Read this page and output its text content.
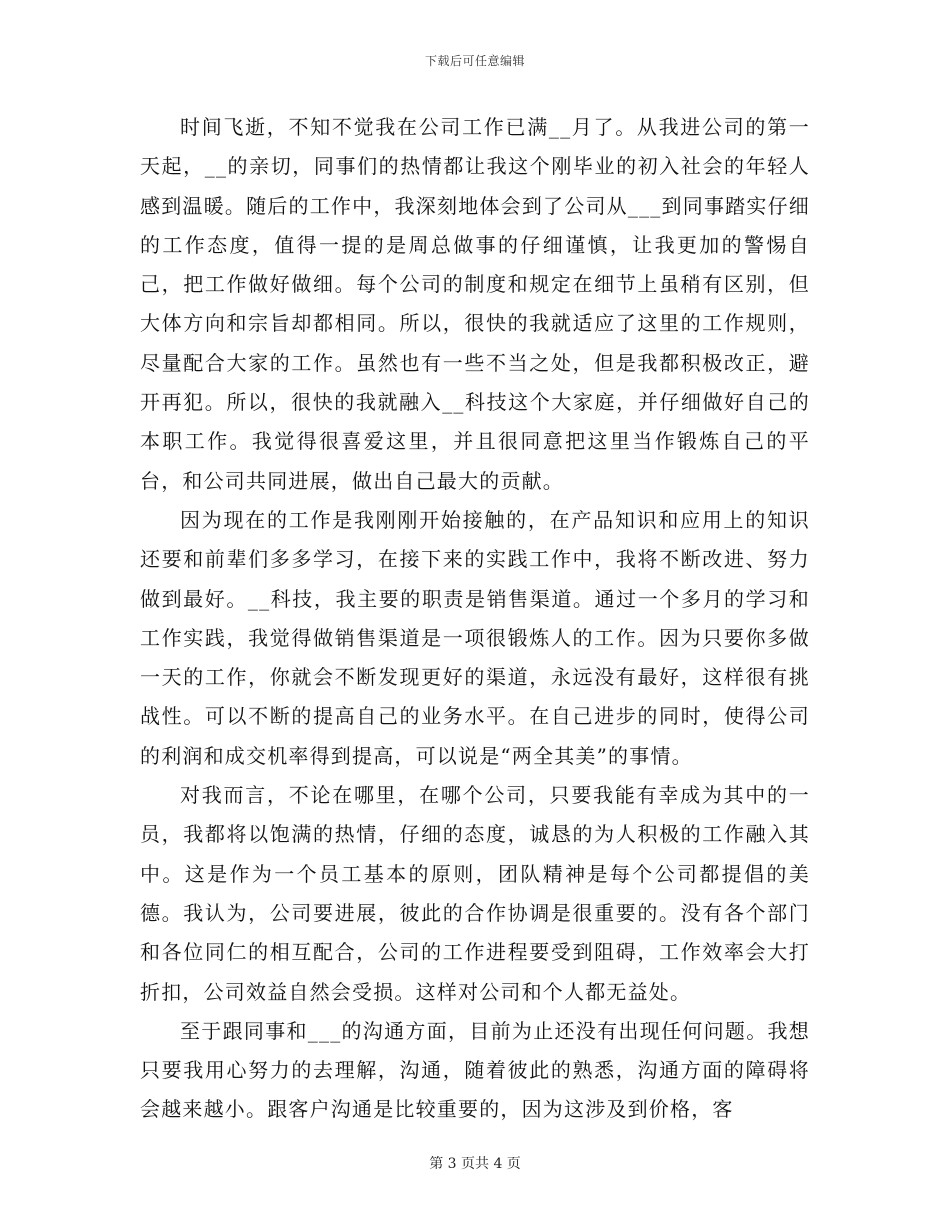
下载后可任意编辑

时间飞逝，不知不觉我在公司工作已满__月了。从我进公司的第一天起，__的亲切，同事们的热情都让我这个刚毕业的初入社会的年轻人感到温暖。随后的工作中，我深刻地体会到了公司从___到同事踏实仔细的工作态度，值得一提的是周总做事的仔细谨慎，让我更加的警惕自己，把工作做好做细。每个公司的制度和规定在细节上虽稍有区别，但大体方向和宗旨却都相同。所以，很快的我就适应了这里的工作规则，尽量配合大家的工作。虽然也有一些不当之处，但是我都积极改正，避开再犯。所以，很快的我就融入__科技这个大家庭，并仔细做好自己的本职工作。我觉得很喜爱这里，并且很同意把这里当作锻炼自己的平台，和公司共同进展，做出自己最大的贡献。

因为现在的工作是我刚刚开始接触的，在产品知识和应用上的知识还要和前辈们多多学习，在接下来的实践工作中，我将不断改进、努力做到最好。__科技，我主要的职责是销售渠道。通过一个多月的学习和工作实践，我觉得做销售渠道是一项很锻炼人的工作。因为只要你多做一天的工作，你就会不断发现更好的渠道，永远没有最好，这样很有挑战性。可以不断的提高自己的业务水平。在自己进步的同时，使得公司的利润和成交机率得到提高，可以说是“两全其美”的事情。

对我而言，不论在哪里，在哪个公司，只要我能有幸成为其中的一员，我都将以饱满的热情，仔细的态度，诚恳的为人积极的工作融入其中。这是作为一个员工基本的原则，团队精神是每个公司都提倡的美德。我认为，公司要进展，彼此的合作协调是很重要的。没有各个部门和各位同仁的相互配合，公司的工作进程要受到阻碍，工作效率会大打折扣，公司效益自然会受损。这样对公司和个人都无益处。

至于跟同事和___的沟通方面，目前为止还没有出现任何问题。我想只要我用心努力的去理解，沟通，随着彼此的熟悉，沟通方面的障碍将会越来越小。跟客户沟通是比较重要的，因为这涉及到价格，客

第 3 页共 4 页
